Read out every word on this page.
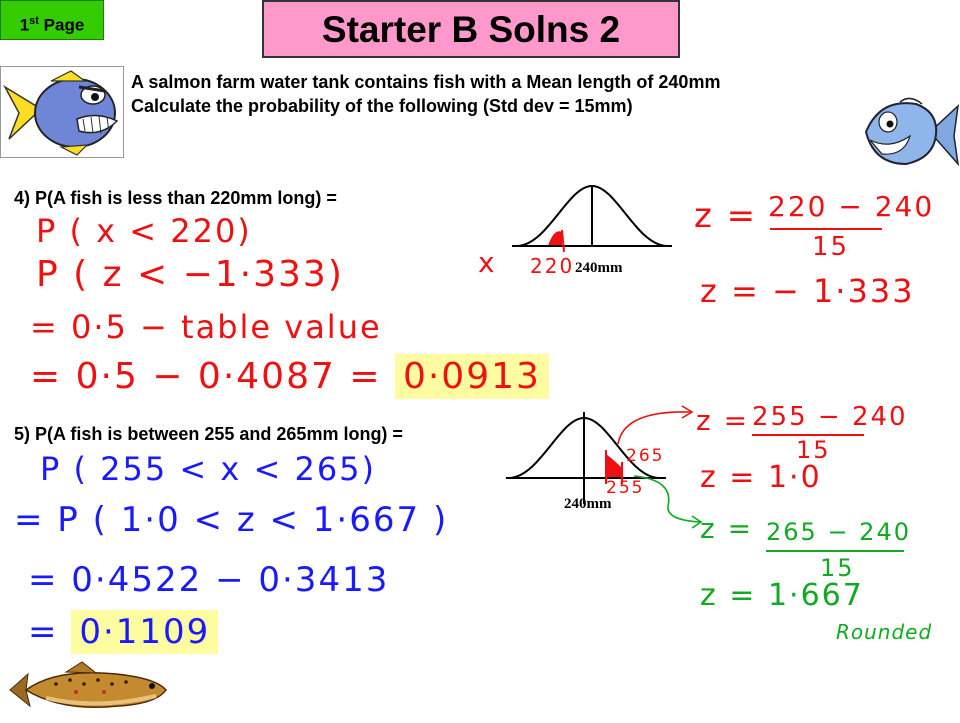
1st Page	Starter B Solns 2
A salmon farm water tank contains fish with a Mean length of 240mm
Calculate the probability of the following (Std dev = 15mm)
4) P(A fish is less than 220mm long) =
240mm
x 220
P ( x < 220)
P ( z < −1·333)
= 0·5 − table value
= 0·5 − 0·4087 = 0·0913
z = 220 − 240
15
z = − 1·333
5) P(A fish is between 255 and 265mm long) =
240mm
265
255
P ( 255 < x < 265)
= P ( 1·0 < z < 1·667 )
= 0·4522 − 0·3413
= 0·1109
z = 255 − 240
15
z = 1·0
z = 265 − 240
15
z = 1·667
Rounded
